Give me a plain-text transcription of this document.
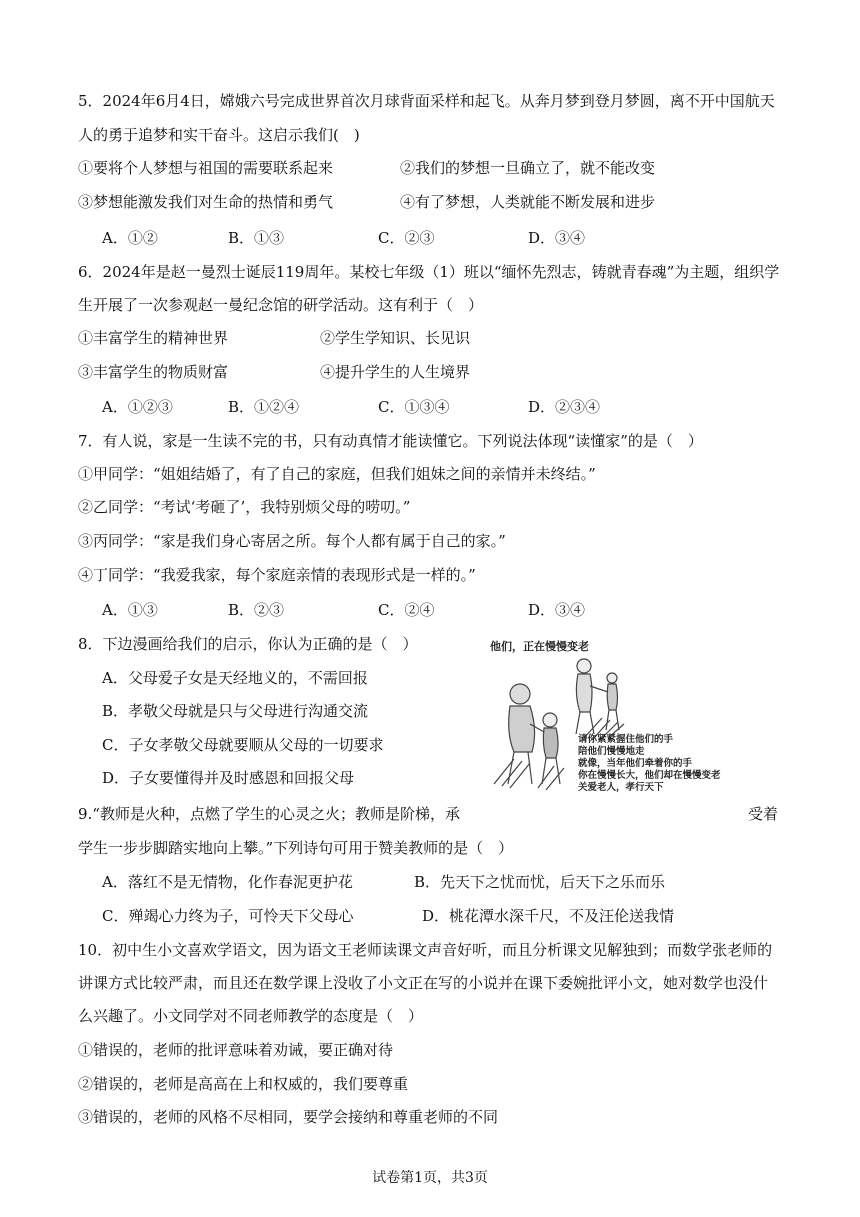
5．2024年6月4日，嫦娥六号完成世界首次月球背面采样和起飞。从奔月梦到登月梦圆，离不开中国航天
人的勇于追梦和实干奋斗。这启示我们(　)
①要将个人梦想与祖国的需要联系起来	②我们的梦想一旦确立了，就不能改变
③梦想能激发我们对生命的热情和勇气	④有了梦想，人类就能不断发展和进步
A．①②	B．①③	C．②③	D．③④
6．2024年是赵一曼烈士诞辰119周年。某校七年级（1）班以“缅怀先烈志，铸就青春魂”为主题，组织学
生开展了一次参观赵一曼纪念馆的研学活动。这有利于（　）
①丰富学生的精神世界	②学生学知识、长见识
③丰富学生的物质财富	④提升学生的人生境界
A．①②③	B．①②④	C．①③④	D．②③④
7．有人说，家是一生读不完的书，只有动真情才能读懂它。下列说法体现“读懂家”的是（　）
①甲同学：“姐姐结婚了，有了自己的家庭，但我们姐妹之间的亲情并未终结。”
②乙同学：“考试‘考砸了’，我特别烦父母的唠叨。”
③丙同学：“家是我们身心寄居之所。每个人都有属于自己的家。”
④丁同学：“我爱我家，每个家庭亲情的表现形式是一样的。”
A．①③	B．②③	C．②④	D．③④
8．下边漫画给我们的启示，你认为正确的是（　）
A．父母爱子女是天经地义的，不需回报
B．孝敬父母就是只与父母进行沟通交流
C．子女孝敬父母就要顺从父母的一切要求
D．子女要懂得并及时感恩和回报父母
他们，正在慢慢变老
请你紧紧握住他们的手
陪他们慢慢地走
就像，当年他们牵着你的手
你在慢慢长大，他们却在慢慢变老
关爱老人，孝行天下
9.“教师是火种，点燃了学生的心灵之火；教师是阶梯，承	受着
学生一步步脚踏实地向上攀。”下列诗句可用于赞美教师的是（　）
A．落红不是无情物，化作春泥更护花	B．先天下之忧而忧，后天下之乐而乐
C．殚竭心力终为子，可怜天下父母心	D．桃花潭水深千尺，不及汪伦送我情
10．初中生小文喜欢学语文，因为语文王老师读课文声音好听，而且分析课文见解独到；而数学张老师的
讲课方式比较严肃，而且还在数学课上没收了小文正在写的小说并在课下委婉批评小文，她对数学也没什
么兴趣了。小文同学对不同老师教学的态度是（　）
①错误的，老师的批评意味着劝诫，要正确对待
②错误的，老师是高高在上和权威的，我们要尊重
③错误的，老师的风格不尽相同，要学会接纳和尊重老师的不同
试卷第1页，共3页
